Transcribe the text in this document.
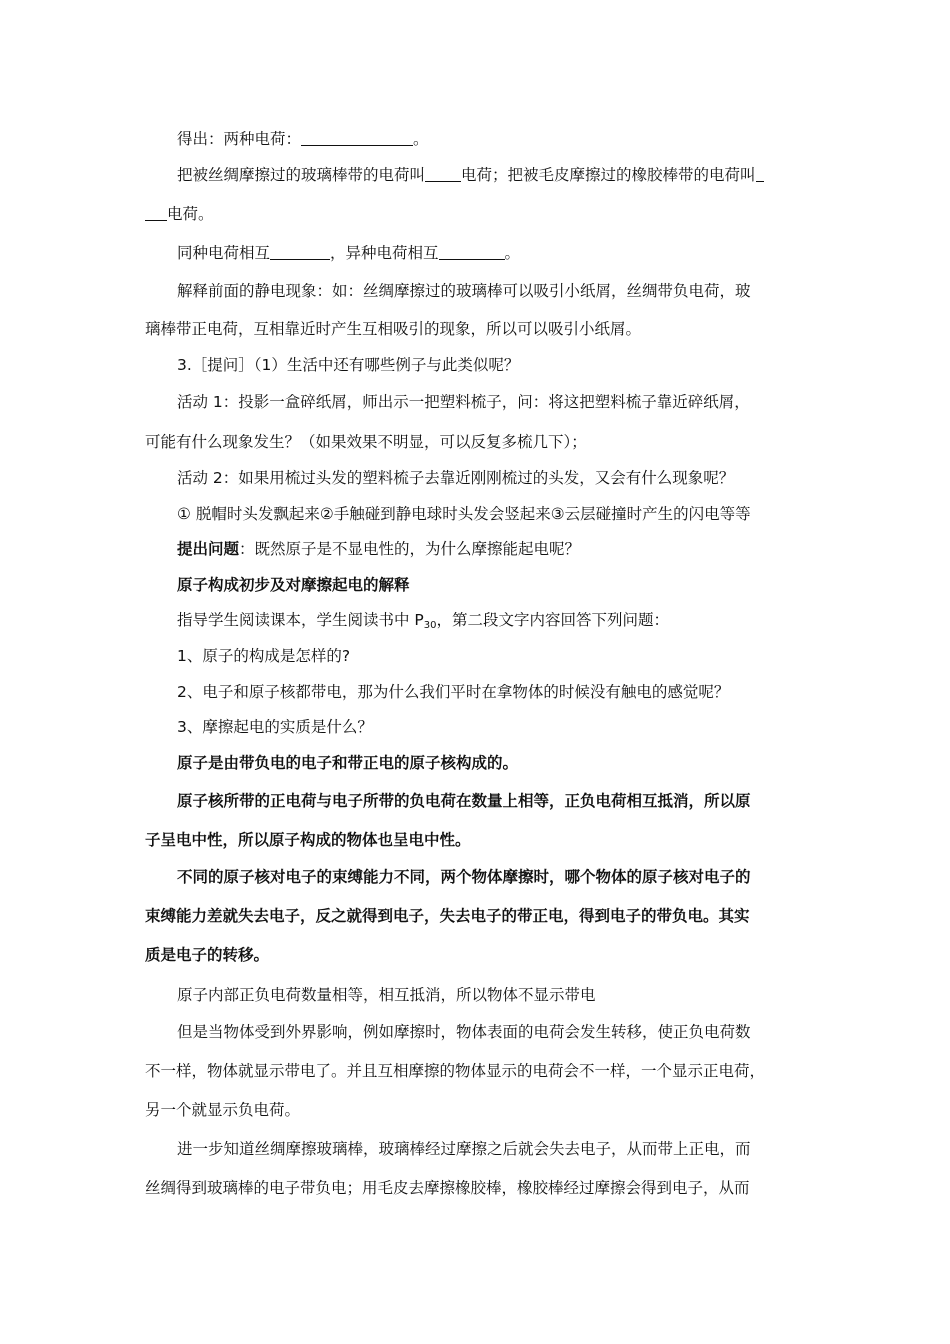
得出：两种电荷：	。
把被丝绸摩擦过的玻璃棒带的电荷叫 电荷；把被毛皮摩擦过的橡胶棒带的电荷叫
电荷。
同种电荷相互	，异种电荷相互	。
解释前面的静电现象：如：丝绸摩擦过的玻璃棒可以吸引小纸屑，丝绸带负电荷，玻
璃棒带正电荷，互相靠近时产生互相吸引的现象，所以可以吸引小纸屑。
3.［提问］（1）生活中还有哪些例子与此类似呢？
活动 1：投影一盒碎纸屑，师出示一把塑料梳子，问：将这把塑料梳子靠近碎纸屑，
可能有什么现象发生？（如果效果不明显，可以反复多梳几下）；
活动 2：如果用梳过头发的塑料梳子去靠近刚刚梳过的头发，又会有什么现象呢？
① 脱帽时头发飘起来②手触碰到静电球时头发会竖起来③云层碰撞时产生的闪电等等
提出问题：既然原子是不显电性的，为什么摩擦能起电呢？
原子构成初步及对摩擦起电的解释
指导学生阅读课本，学生阅读书中 $P_{30}$，第二段文字内容回答下列问题：
1、原子的构成是怎样的?
2、电子和原子核都带电，那为什么我们平时在拿物体的时候没有触电的感觉呢？
3、摩擦起电的实质是什么？
原子是由带负电的电子和带正电的原子核构成的。
原子核所带的正电荷与电子所带的负电荷在数量上相等，正负电荷相互抵消，所以原
子呈电中性，所以原子构成的物体也呈电中性。
不同的原子核对电子的束缚能力不同，两个物体摩擦时，哪个物体的原子核对电子的
束缚能力差就失去电子，反之就得到电子，失去电子的带正电，得到电子的带负电。其实
质是电子的转移。
原子内部正负电荷数量相等，相互抵消，所以物体不显示带电
但是当物体受到外界影响，例如摩擦时，物体表面的电荷会发生转移，使正负电荷数
不一样，物体就显示带电了。并且互相摩擦的物体显示的电荷会不一样，一个显示正电荷，
另一个就显示负电荷。
进一步知道丝绸摩擦玻璃棒，玻璃棒经过摩擦之后就会失去电子，从而带上正电，而
丝绸得到玻璃棒的电子带负电；用毛皮去摩擦橡胶棒，橡胶棒经过摩擦会得到电子，从而
